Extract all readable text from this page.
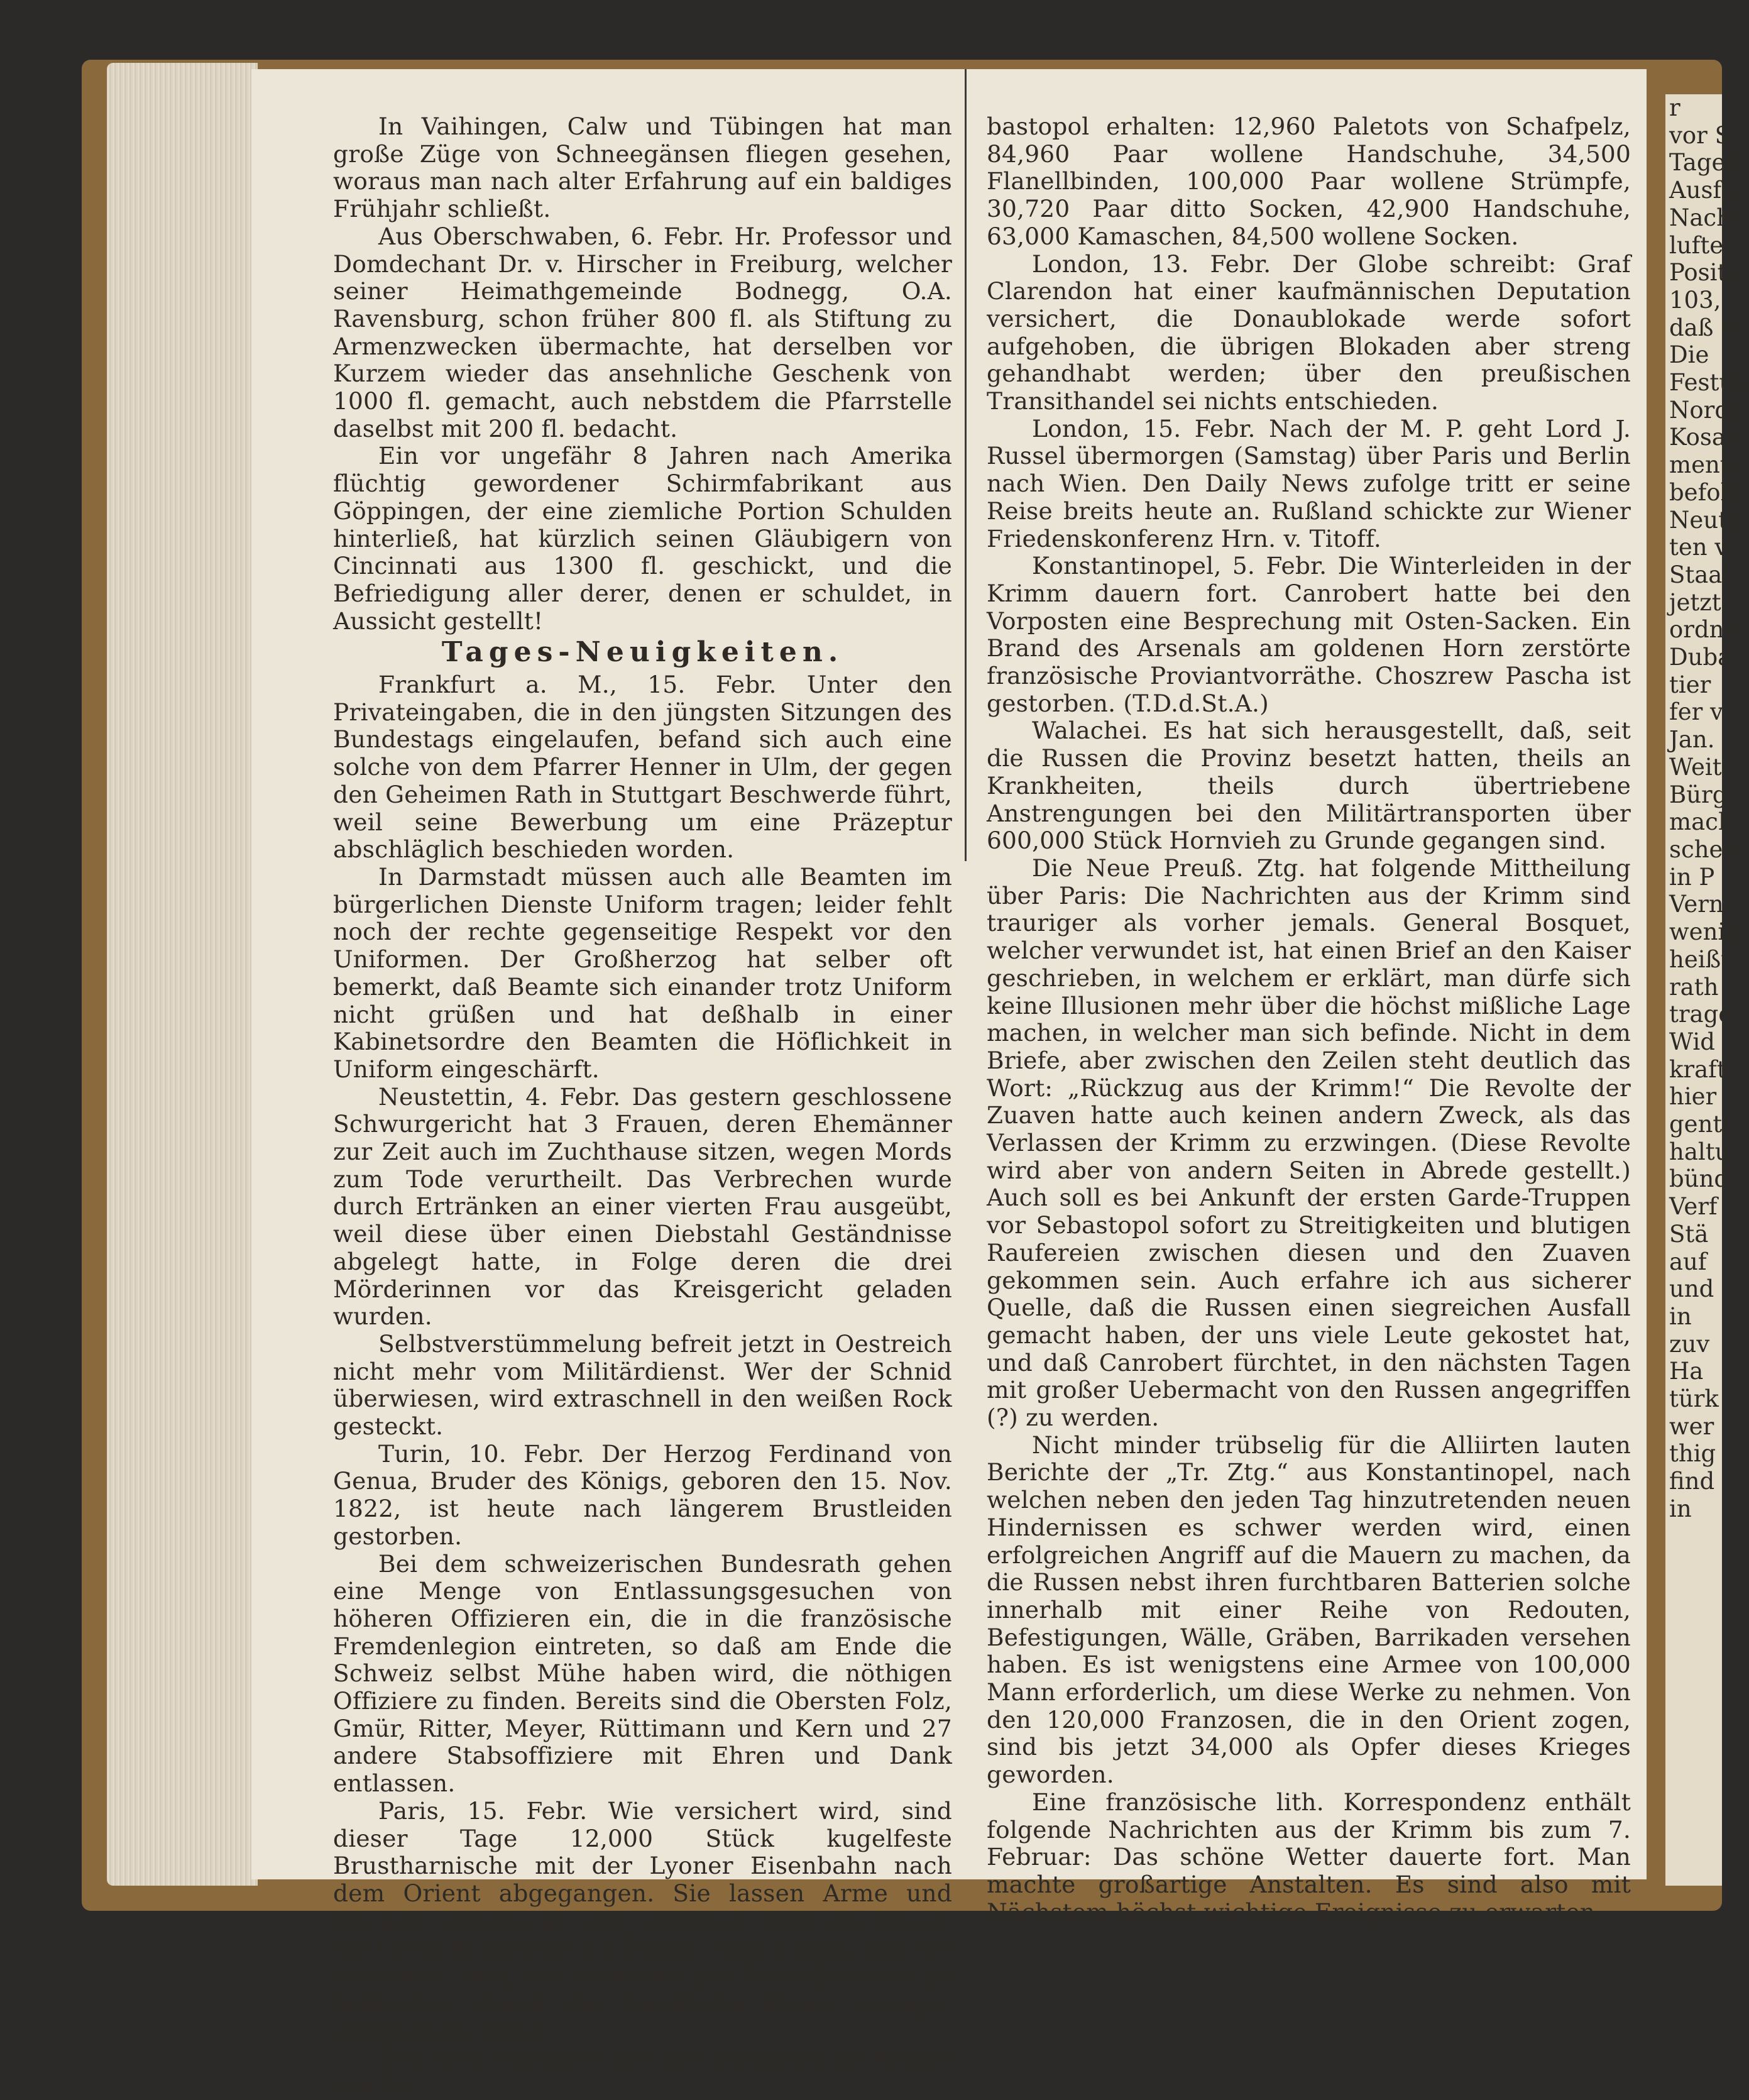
In Vaihingen, Calw und Tübingen hat man große Züge von Schneegänsen fliegen gesehen, woraus man nach alter Erfahrung auf ein baldiges Frühjahr schließt.

Aus Oberschwaben, 6. Febr. Hr. Professor und Domdechant Dr. v. Hirscher in Freiburg, welcher seiner Heimathgemeinde Bodnegg, O.A. Ravensburg, schon früher 800 fl. als Stiftung zu Armenzwecken übermachte, hat derselben vor Kurzem wieder das ansehnliche Geschenk von 1000 fl. gemacht, auch nebstdem die Pfarrstelle daselbst mit 200 fl. bedacht.

Ein vor ungefähr 8 Jahren nach Amerika flüchtig gewordener Schirmfabrikant aus Göppingen, der eine ziemliche Portion Schulden hinterließ, hat kürzlich seinen Gläubigern von Cincinnati aus 1300 fl. geschickt, und die Befriedigung aller derer, denen er schuldet, in Aussicht gestellt!

Tages-Neuigkeiten.

Frankfurt a. M., 15. Febr. Unter den Privateingaben, die in den jüngsten Sitzungen des Bundestags eingelaufen, befand sich auch eine solche von dem Pfarrer Henner in Ulm, der gegen den Geheimen Rath in Stuttgart Beschwerde führt, weil seine Bewerbung um eine Präzeptur abschläglich beschieden worden.

In Darmstadt müssen auch alle Beamten im bürgerlichen Dienste Uniform tragen; leider fehlt noch der rechte gegenseitige Respekt vor den Uniformen. Der Großherzog hat selber oft bemerkt, daß Beamte sich einander trotz Uniform nicht grüßen und hat deßhalb in einer Kabinetsordre den Beamten die Höflichkeit in Uniform eingeschärft.

Neustettin, 4. Febr. Das gestern geschlossene Schwurgericht hat 3 Frauen, deren Ehemänner zur Zeit auch im Zuchthause sitzen, wegen Mords zum Tode verurtheilt. Das Verbrechen wurde durch Ertränken an einer vierten Frau ausgeübt, weil diese über einen Diebstahl Geständnisse abgelegt hatte, in Folge deren die drei Mörderinnen vor das Kreisgericht geladen wurden.

Selbstverstümmelung befreit jetzt in Oestreich nicht mehr vom Militärdienst. Wer der Schnid überwiesen, wird extraschnell in den weißen Rock gesteckt.

Turin, 10. Febr. Der Herzog Ferdinand von Genua, Bruder des Königs, geboren den 15. Nov. 1822, ist heute nach längerem Brustleiden gestorben.

Bei dem schweizerischen Bundesrath gehen eine Menge von Entlassungsgesuchen von höheren Offizieren ein, die in die französische Fremdenlegion eintreten, so daß am Ende die Schweiz selbst Mühe haben wird, die nöthigen Offiziere zu finden. Bereits sind die Obersten Folz, Gmür, Ritter, Meyer, Rüttimann und Kern und 27 andere Stabsoffiziere mit Ehren und Dank entlassen.

Paris, 15. Febr. Wie versichert wird, sind dieser Tage 12,000 Stück kugelfeste Brustharnische mit der Lyoner Eisenbahn nach dem Orient abgegangen. Sie lassen Arme und Rücken unbedeckt und schützen bloß die Brust. Ihr Gewicht beträgt 15 Pfund. Man glaubt, daß sie bestimmt sind, die Soldaten der Sturmkolonne zu bekleiden, damit das feindliche Feuer weniger mörderisch wirkt.

Seit drei Monaten hat die französische Armee vor Se-

bastopol erhalten: 12,960 Paletots von Schafpelz, 84,960 Paar wollene Handschuhe, 34,500 Flanellbinden, 100,000 Paar wollene Strümpfe, 30,720 Paar ditto Socken, 42,900 Handschuhe, 63,000 Kamaschen, 84,500 wollene Socken.

London, 13. Febr. Der Globe schreibt: Graf Clarendon hat einer kaufmännischen Deputation versichert, die Donaublokade werde sofort aufgehoben, die übrigen Blokaden aber streng gehandhabt werden; über den preußischen Transithandel sei nichts entschieden.

London, 15. Febr. Nach der M. P. geht Lord J. Russel übermorgen (Samstag) über Paris und Berlin nach Wien. Den Daily News zufolge tritt er seine Reise breits heute an. Rußland schickte zur Wiener Friedenskonferenz Hrn. v. Titoff.

Konstantinopel, 5. Febr. Die Winterleiden in der Krimm dauern fort. Canrobert hatte bei den Vorposten eine Besprechung mit Osten-Sacken. Ein Brand des Arsenals am goldenen Horn zerstörte französische Proviantvorräthe. Choszrew Pascha ist gestorben. (T.D.d.St.A.)

Walachei. Es hat sich herausgestellt, daß, seit die Russen die Provinz besetzt hatten, theils an Krankheiten, theils durch übertriebene Anstrengungen bei den Militärtransporten über 600,000 Stück Hornvieh zu Grunde gegangen sind.

Die Neue Preuß. Ztg. hat folgende Mittheilung über Paris: Die Nachrichten aus der Krimm sind trauriger als vorher jemals. General Bosquet, welcher verwundet ist, hat einen Brief an den Kaiser geschrieben, in welchem er erklärt, man dürfe sich keine Illusionen mehr über die höchst mißliche Lage machen, in welcher man sich befinde. Nicht in dem Briefe, aber zwischen den Zeilen steht deutlich das Wort: „Rückzug aus der Krimm!“ Die Revolte der Zuaven hatte auch keinen andern Zweck, als das Verlassen der Krimm zu erzwingen. (Diese Revolte wird aber von andern Seiten in Abrede gestellt.) Auch soll es bei Ankunft der ersten Garde-Truppen vor Sebastopol sofort zu Streitigkeiten und blutigen Raufereien zwischen diesen und den Zuaven gekommen sein. Auch erfahre ich aus sicherer Quelle, daß die Russen einen siegreichen Ausfall gemacht haben, der uns viele Leute gekostet hat, und daß Canrobert fürchtet, in den nächsten Tagen mit großer Uebermacht von den Russen angegriffen (?) zu werden.

Nicht minder trübselig für die Alliirten lauten Berichte der „Tr. Ztg.“ aus Konstantinopel, nach welchen neben den jeden Tag hinzutretenden neuen Hindernissen es schwer werden wird, einen erfolgreichen Angriff auf die Mauern zu machen, da die Russen nebst ihren furchtbaren Batterien solche innerhalb mit einer Reihe von Redouten, Befestigungen, Wälle, Gräben, Barrikaden versehen haben. Es ist wenigstens eine Armee von 100,000 Mann erforderlich, um diese Werke zu nehmen. Von den 120,000 Franzosen, die in den Orient zogen, sind bis jetzt 34,000 als Opfer dieses Krieges geworden.

Eine französische lith. Korrespondenz enthält folgende Nachrichten aus der Krimm bis zum 7. Februar: Das schöne Wetter dauerte fort. Man machte großartige Anstalten. Es sind also mit Nächstem höchst wichtige Ereignisse zu erwarten.

r
vor S
Tagen
Ausfa
Nacht
lufte
Positi
103,
daß d
Die
Festun
Nordf
Kosak
ments
befohl
Neutr
ten v
Staat
jetzt
ordne
Duba
tier
fer v
Jan.
Weit
Bürg
mach
schen
in P
Vern
wenig
heißt
rath
trage
Wid
kraft
hier
gentl
haltu
bünd
Verf
Stä
auf
und
in
zuv
Ha
türk
wer
thig
find
in
